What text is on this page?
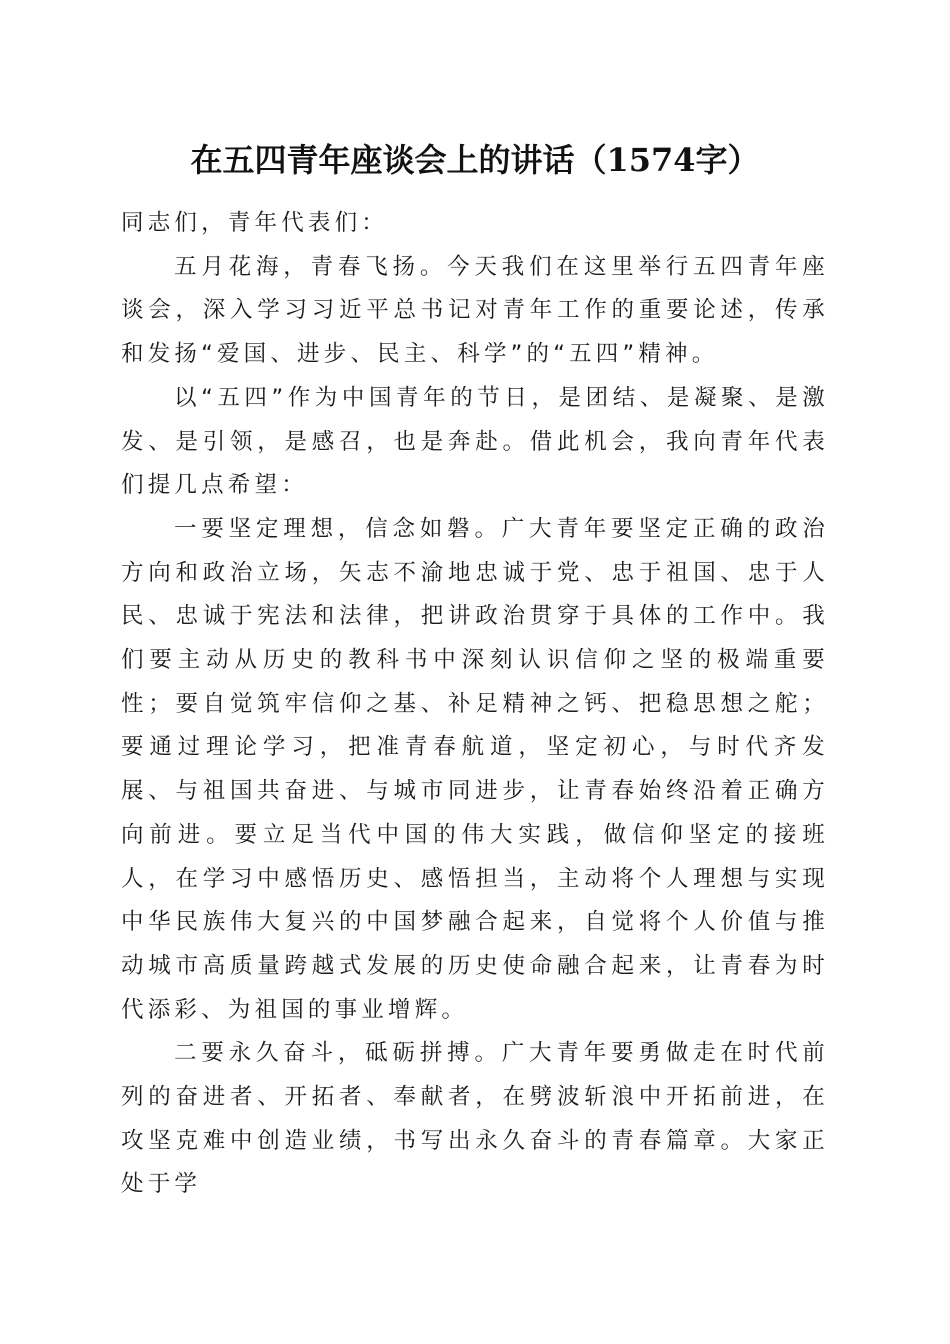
在五四青年座谈会上的讲话（1574字）

同志们，青年代表们：

五月花海，青春飞扬。今天我们在这里举行五四青年座谈会，深入学习习近平总书记对青年工作的重要论述，传承和发扬“爱国、进步、民主、科学”的“五四”精神。

以“五四”作为中国青年的节日，是团结、是凝聚、是激发、是引领，是感召，也是奔赴。借此机会，我向青年代表们提几点希望：

一要坚定理想，信念如磐。广大青年要坚定正确的政治方向和政治立场，矢志不渝地忠诚于党、忠于祖国、忠于人民、忠诚于宪法和法律，把讲政治贯穿于具体的工作中。我们要主动从历史的教科书中深刻认识信仰之坚的极端重要性；要自觉筑牢信仰之基、补足精神之钙、把稳思想之舵；要通过理论学习，把准青春航道，坚定初心，与时代齐发展、与祖国共奋进、与城市同进步，让青春始终沿着正确方向前进。要立足当代中国的伟大实践，做信仰坚定的接班人，在学习中感悟历史、感悟担当，主动将个人理想与实现中华民族伟大复兴的中国梦融合起来，自觉将个人价值与推动城市高质量跨越式发展的历史使命融合起来，让青春为时代添彩、为祖国的事业增辉。

二要永久奋斗，砥砺拼搏。广大青年要勇做走在时代前列的奋进者、开拓者、奉献者，在劈波斩浪中开拓前进，在攻坚克难中创造业绩，书写出永久奋斗的青春篇章。大家正处于学
